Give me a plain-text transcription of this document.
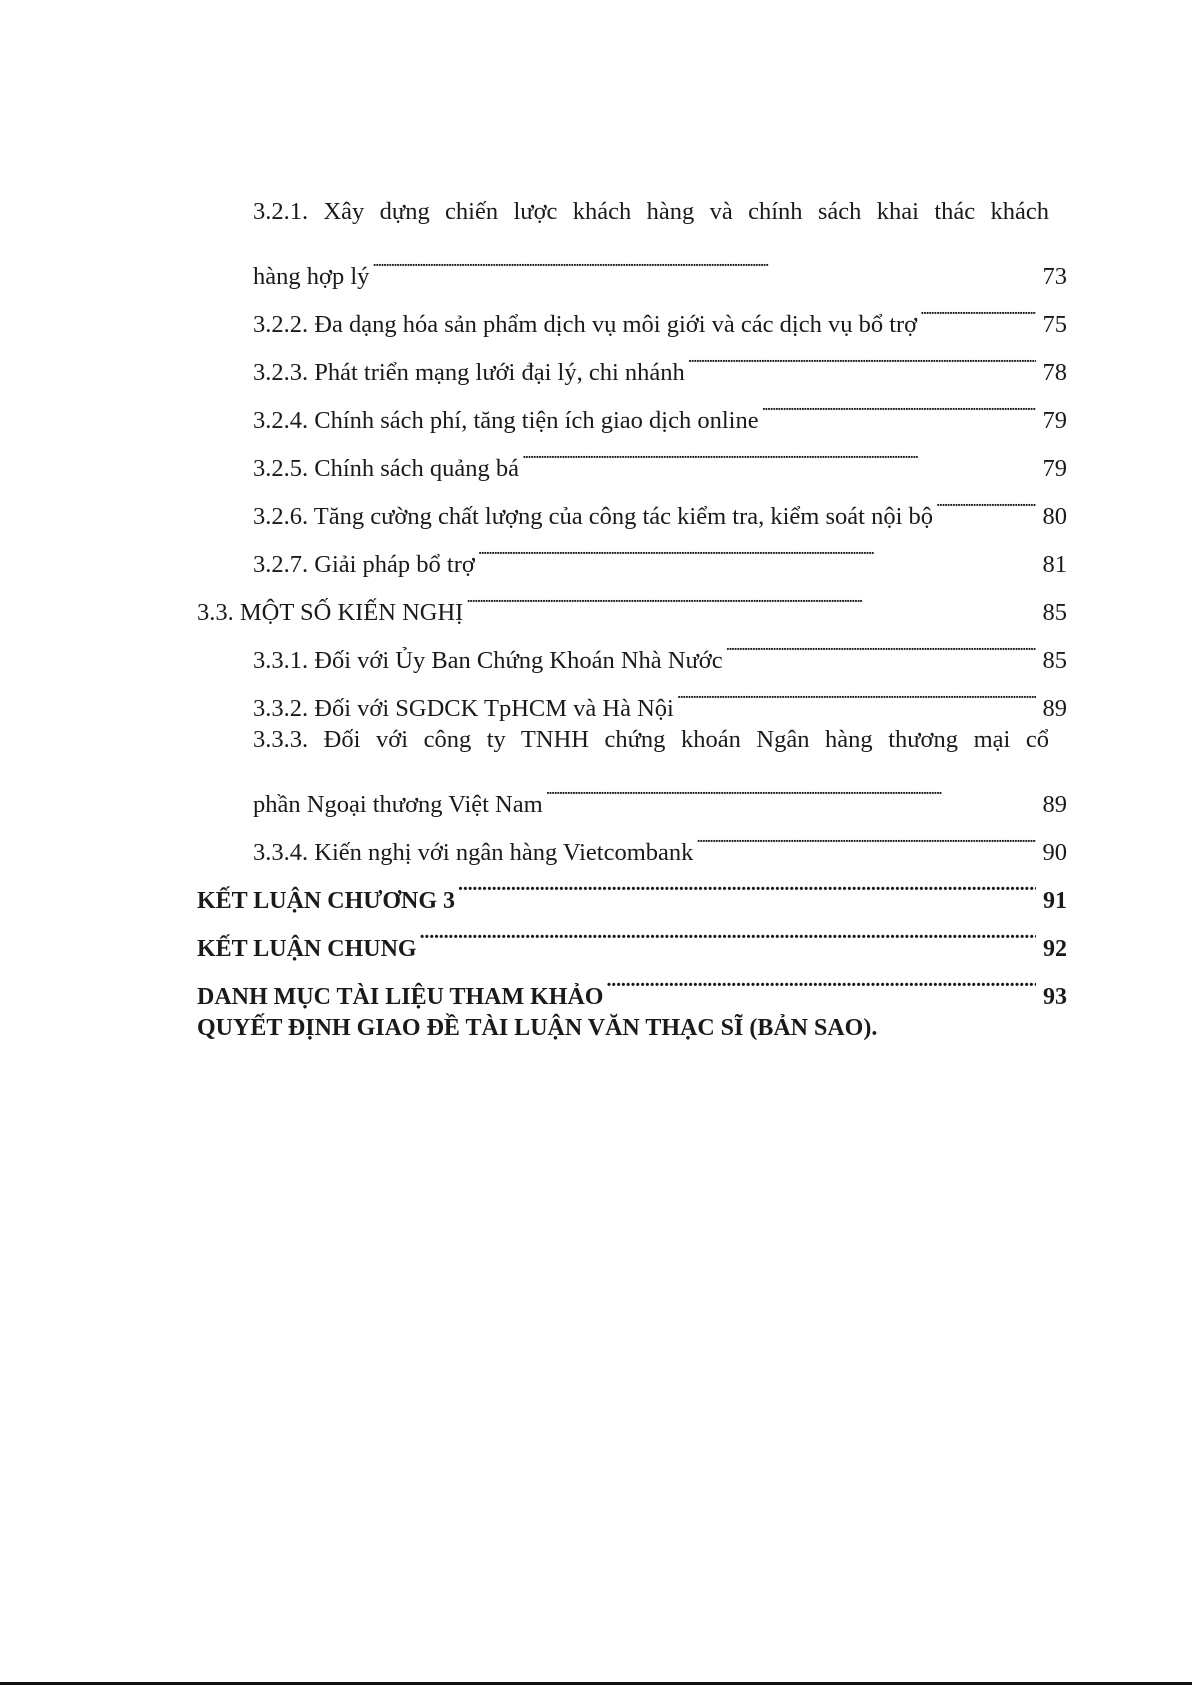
3.2.1. Xây dựng chiến lược khách hàng và chính sách khai thác khách
hàng hợp lý . . .	73
3.2.2. Đa dạng hóa sản phẩm dịch vụ môi giới và các dịch vụ bổ trợ . . .	75
3.2.3. Phát triển mạng lưới đại lý, chi nhánh . . .	78
3.2.4. Chính sách phí, tăng tiện ích giao dịch online . . .	79
3.2.5. Chính sách quảng bá . . .	79
3.2.6. Tăng cường chất lượng của công tác kiểm tra, kiểm soát nội bộ . . .	80
3.2.7. Giải pháp bổ trợ . . .	81
3.3. MỘT SỐ KIẾN NGHỊ . . .	85
3.3.1. Đối với Ủy Ban Chứng Khoán Nhà Nước . . .	85
3.3.2. Đối với SGDCK TpHCM và Hà Nội . . .	89
3.3.3. Đối với công ty TNHH chứng khoán Ngân hàng thương mại cổ
phần Ngoại thương Việt Nam . . .	89
3.3.4. Kiến nghị với ngân hàng Vietcombank . . .	90
KẾT LUẬN CHƯƠNG 3 . . .	91
KẾT LUẬN CHUNG . . .	92
DANH MỤC TÀI LIỆU THAM KHẢO . . .	93
QUYẾT ĐỊNH GIAO ĐỀ TÀI LUẬN VĂN THẠC SĨ (BẢN SAO) .
